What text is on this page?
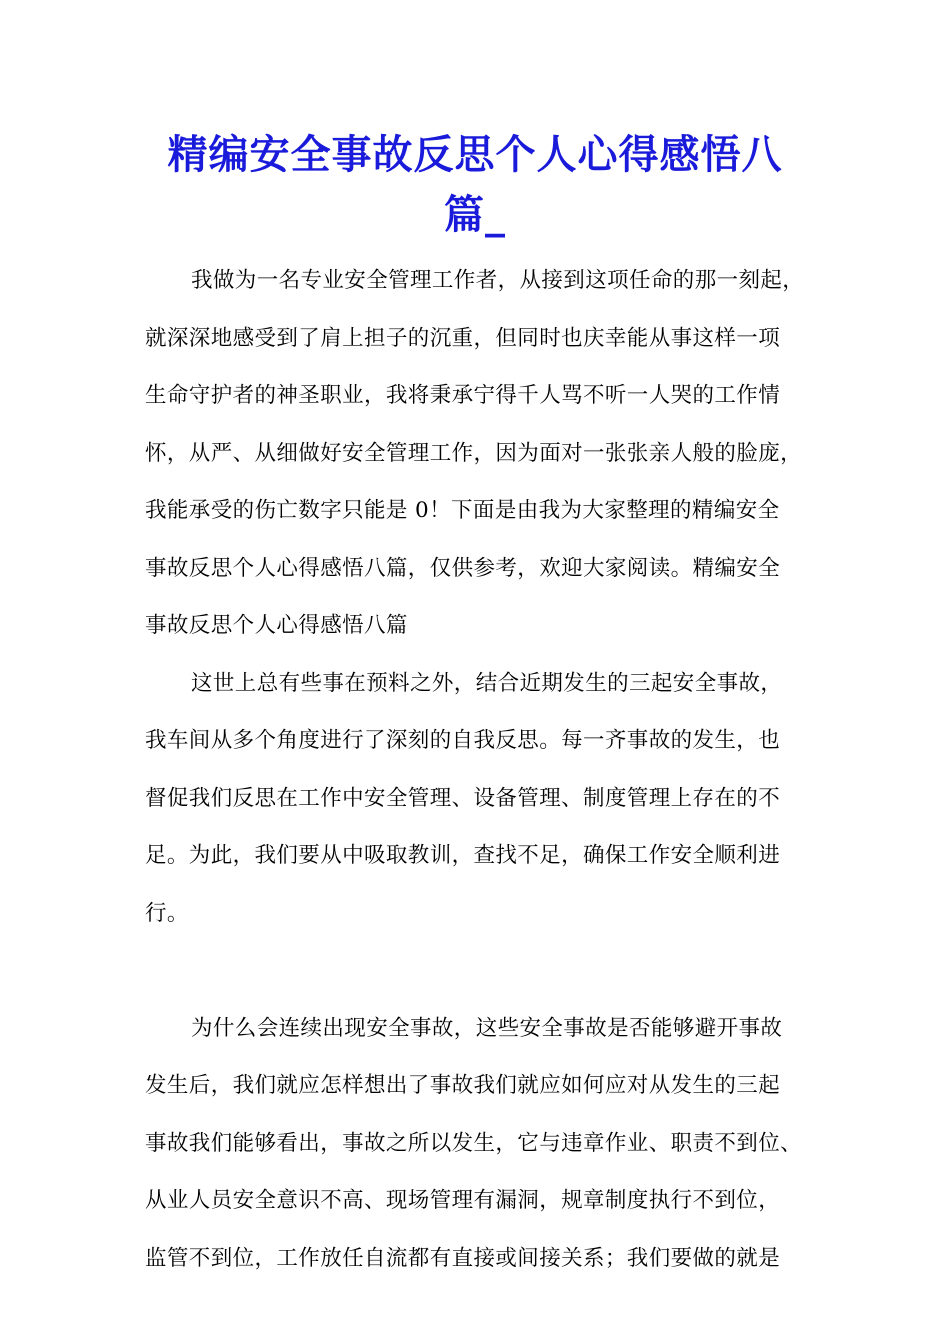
精编安全事故反思个人心得感悟八
篇_
我做为一名专业安全管理工作者，从接到这项任命的那一刻起，
就深深地感受到了肩上担子的沉重，但同时也庆幸能从事这样一项
生命守护者的神圣职业，我将秉承宁得千人骂不听一人哭的工作情
怀，从严、从细做好安全管理工作，因为面对一张张亲人般的脸庞，
我能承受的伤亡数字只能是 0！下面是由我为大家整理的精编安全
事故反思个人心得感悟八篇，仅供参考，欢迎大家阅读。精编安全
事故反思个人心得感悟八篇
这世上总有些事在预料之外，结合近期发生的三起安全事故，
我车间从多个角度进行了深刻的自我反思。每一齐事故的发生，也
督促我们反思在工作中安全管理、设备管理、制度管理上存在的不
足。为此，我们要从中吸取教训，查找不足，确保工作安全顺利进
行。
为什么会连续出现安全事故，这些安全事故是否能够避开事故
发生后，我们就应怎样想出了事故我们就应如何应对从发生的三起
事故我们能够看出，事故之所以发生，它与违章作业、职责不到位、
从业人员安全意识不高、现场管理有漏洞，规章制度执行不到位，
监管不到位，工作放任自流都有直接或间接关系；我们要做的就是
